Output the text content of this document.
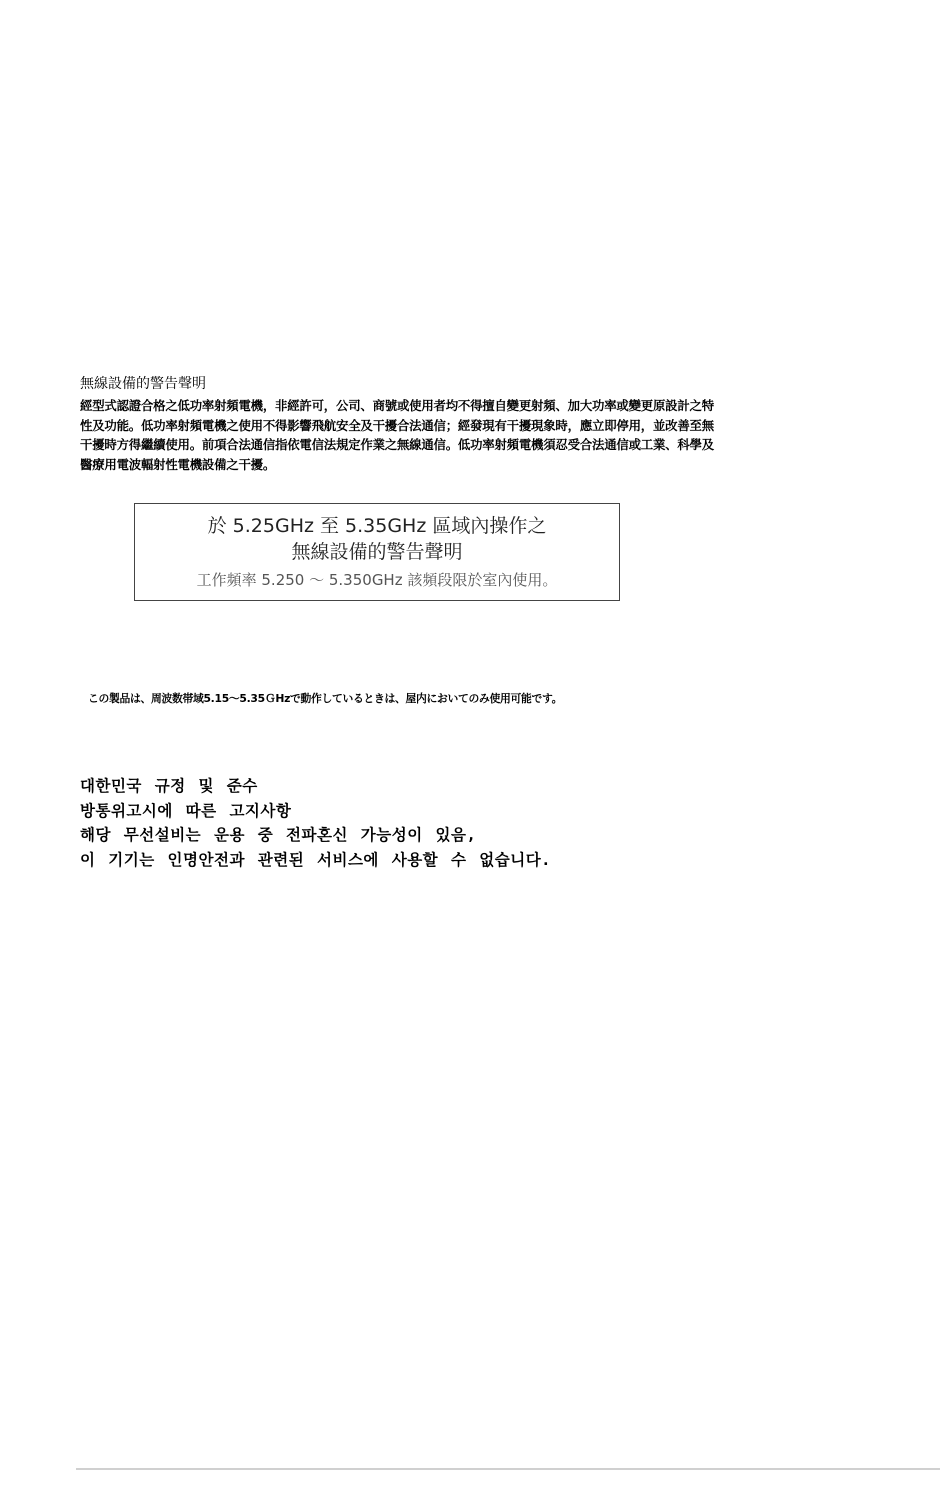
無線設備的警告聲明

經型式認證合格之低功率射頻電機，非經許可，公司、商號或使用者均不得擅自變更射頻、加大功率或變更原設計之特性及功能。低功率射頻電機之使用不得影響飛航安全及干擾合法通信；經發現有干擾現象時，應立即停用，並改善至無干擾時方得繼續使用。前項合法通信指依電信法規定作業之無線通信。低功率射頻電機須忍受合法通信或工業、科學及醫療用電波輻射性電機設備之干擾。

於 5.25GHz 至 5.35GHz 區域內操作之
無線設備的警告聲明
工作頻率 5.250 ～ 5.350GHz 該頻段限於室內使用。
この製品は、周波数帯域5.15～5.35ＧHzで動作しているときは、屋内においてのみ使用可能です。
대한민국 규정 및 준수
방통위고시에 따른 고지사항
해당 무선설비는 운용 중 전파혼신 가능성이 있음,
이 기기는 인명안전과 관련된 서비스에 사용할 수 없습니다.
